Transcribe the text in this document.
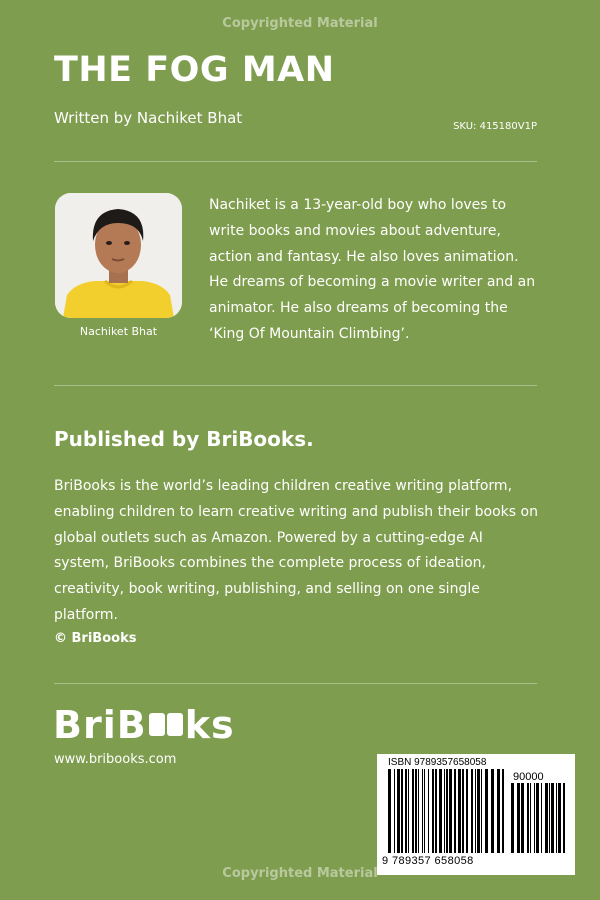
Copyrighted Material
THE FOG MAN
Written by Nachiket Bhat	SKU: 415180V1P
Nachiket Bhat
Nachiket is a 13-year-old boy who loves to write books and movies about adventure, action and fantasy. He also loves animation. He dreams of becoming a movie writer and an animator. He also dreams of becoming the ‘King Of Mountain Climbing’.
Published by BriBooks.
BriBooks is the world’s leading children creative writing platform, enabling children to learn creative writing and publish their books on global outlets such as Amazon. Powered by a cutting-edge AI system, BriBooks combines the complete process of ideation, creativity, book writing, publishing, and selling on one single platform.
© BriBooks
BriB ks
www.bribooks.com	ISBN 9789357658058
90000
9 789357 658058
Copyrighted Material
